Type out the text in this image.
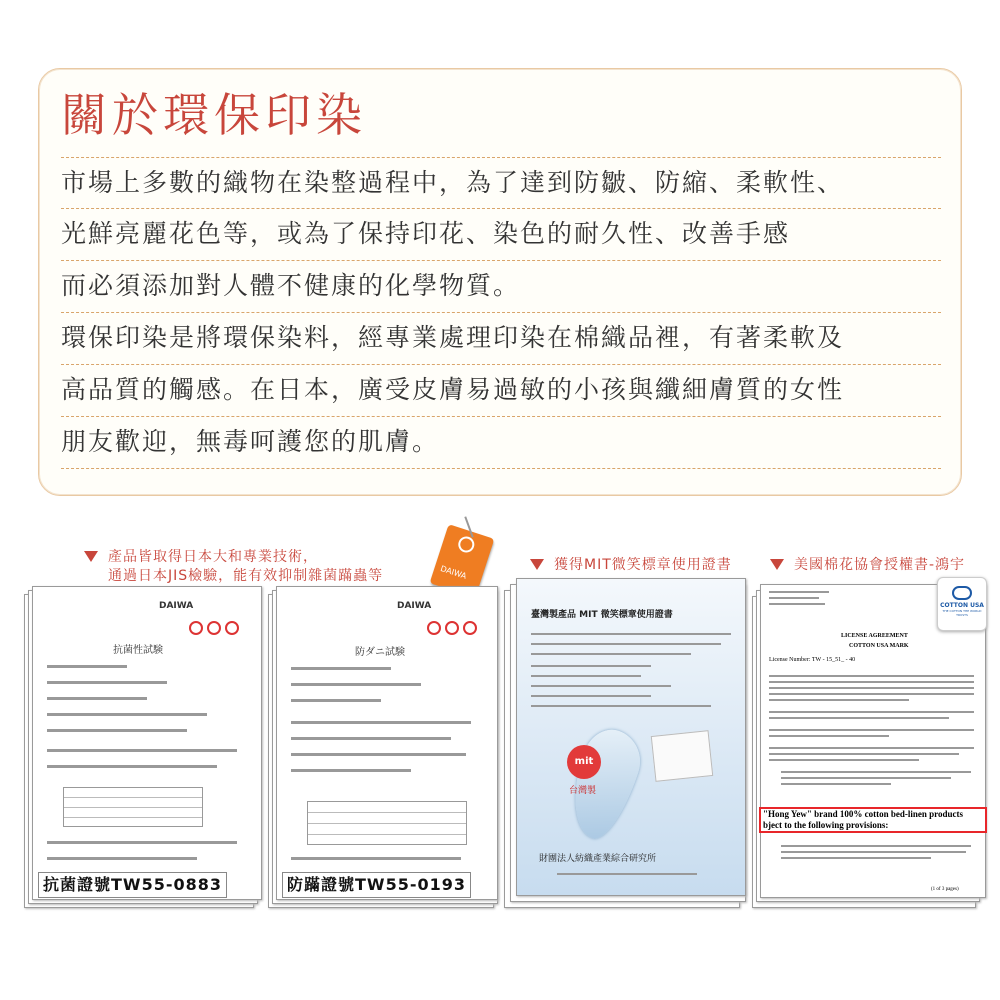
關於環保印染
市場上多數的織物在染整過程中，為了達到防皺、防縮、柔軟性、
光鮮亮麗花色等，或為了保持印花、染色的耐久性、改善手感
而必須添加對人體不健康的化學物質。
環保印染是將環保染料，經專業處理印染在棉織品裡，有著柔軟及
高品質的觸感。在日本，廣受皮膚易過敏的小孩與纖細膚質的女性
朋友歡迎，無毒呵護您的肌膚。
產品皆取得日本大和專業技術，
通過日本JIS檢驗，能有效抑制雜菌蹣蟲等
獲得MIT微笑標章使用證書	美國棉花協會授權書-鴻宇
DAIWA
DAIWA
抗菌性試験
抗菌證號TW55-0883
DAIWA
防ダニ試験
防蹣證號TW55-0193
臺灣製產品 MIT 微笑標章使用證書
mit
台灣製
財團法人紡織產業綜合研究所
COTTON USA
THE COTTON THE WORLD TRUSTS
LICENSE AGREEMENT
COTTON USA MARK
License Number: TW - 15_51_ - 40
(1 of 3 pages)
"Hong Yew" brand 100% cotton bed-linen products
bject to the following provisions:
